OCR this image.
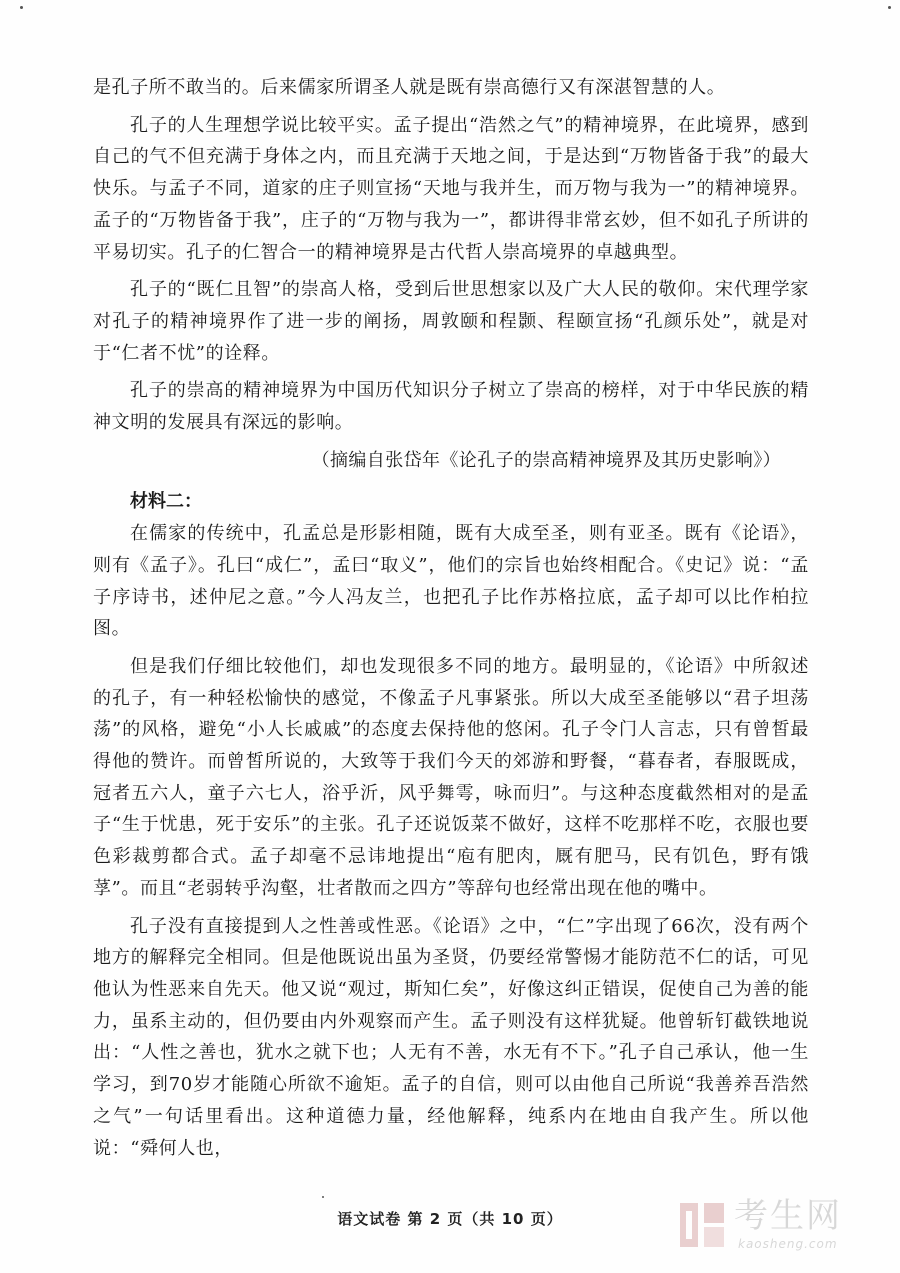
是孔子所不敢当的。后来儒家所谓圣人就是既有崇高德行又有深湛智慧的人。

孔子的人生理想学说比较平实。孟子提出“浩然之气”的精神境界，在此境界，感到自己的气不但充满于身体之内，而且充满于天地之间，于是达到“万物皆备于我”的最大快乐。与孟子不同，道家的庄子则宣扬“天地与我并生，而万物与我为一”的精神境界。孟子的“万物皆备于我”，庄子的“万物与我为一”，都讲得非常玄妙，但不如孔子所讲的平易切实。孔子的仁智合一的精神境界是古代哲人崇高境界的卓越典型。

孔子的“既仁且智”的崇高人格，受到后世思想家以及广大人民的敬仰。宋代理学家对孔子的精神境界作了进一步的阐扬，周敦颐和程颢、程颐宣扬“孔颜乐处”，就是对于“仁者不忧”的诠释。

孔子的崇高的精神境界为中国历代知识分子树立了崇高的榜样，对于中华民族的精神文明的发展具有深远的影响。

（摘编自张岱年《论孔子的崇高精神境界及其历史影响》）

材料二：

在儒家的传统中，孔孟总是形影相随，既有大成至圣，则有亚圣。既有《论语》，则有《孟子》。孔曰“成仁”，孟曰“取义”，他们的宗旨也始终相配合。《史记》说：“孟子序诗书，述仲尼之意。”今人冯友兰，也把孔子比作苏格拉底，孟子却可以比作柏拉图。

但是我们仔细比较他们，却也发现很多不同的地方。最明显的，《论语》中所叙述的孔子，有一种轻松愉快的感觉，不像孟子凡事紧张。所以大成至圣能够以“君子坦荡荡”的风格，避免“小人长戚戚”的态度去保持他的悠闲。孔子令门人言志，只有曾皙最得他的赞许。而曾皙所说的，大致等于我们今天的郊游和野餐，“暮春者，春服既成，冠者五六人，童子六七人，浴乎沂，风乎舞雩，咏而归”。与这种态度截然相对的是孟子“生于忧患，死于安乐”的主张。孔子还说饭菜不做好，这样不吃那样不吃，衣服也要色彩裁剪都合式。孟子却毫不忌讳地提出“庖有肥肉，厩有肥马，民有饥色，野有饿莩”。而且“老弱转乎沟壑，壮者散而之四方”等辞句也经常出现在他的嘴中。

孔子没有直接提到人之性善或性恶。《论语》之中，“仁”字出现了66次，没有两个地方的解释完全相同。但是他既说出虽为圣贤，仍要经常警惕才能防范不仁的话，可见他认为性恶来自先天。他又说“观过，斯知仁矣”，好像这纠正错误，促使自己为善的能力，虽系主动的，但仍要由内外观察而产生。孟子则没有这样犹疑。他曾斩钉截铁地说出：“人性之善也，犹水之就下也；人无有不善，水无有不下。”孔子自己承认，他一生学习，到70岁才能随心所欲不逾矩。孟子的自信，则可以由他自己所说“我善养吾浩然之气”一句话里看出。这种道德力量，经他解释，纯系内在地由自我产生。所以他说：“舜何人也，

语文试卷 第 2 页（共 10 页）	考生网
kaosheng.com
